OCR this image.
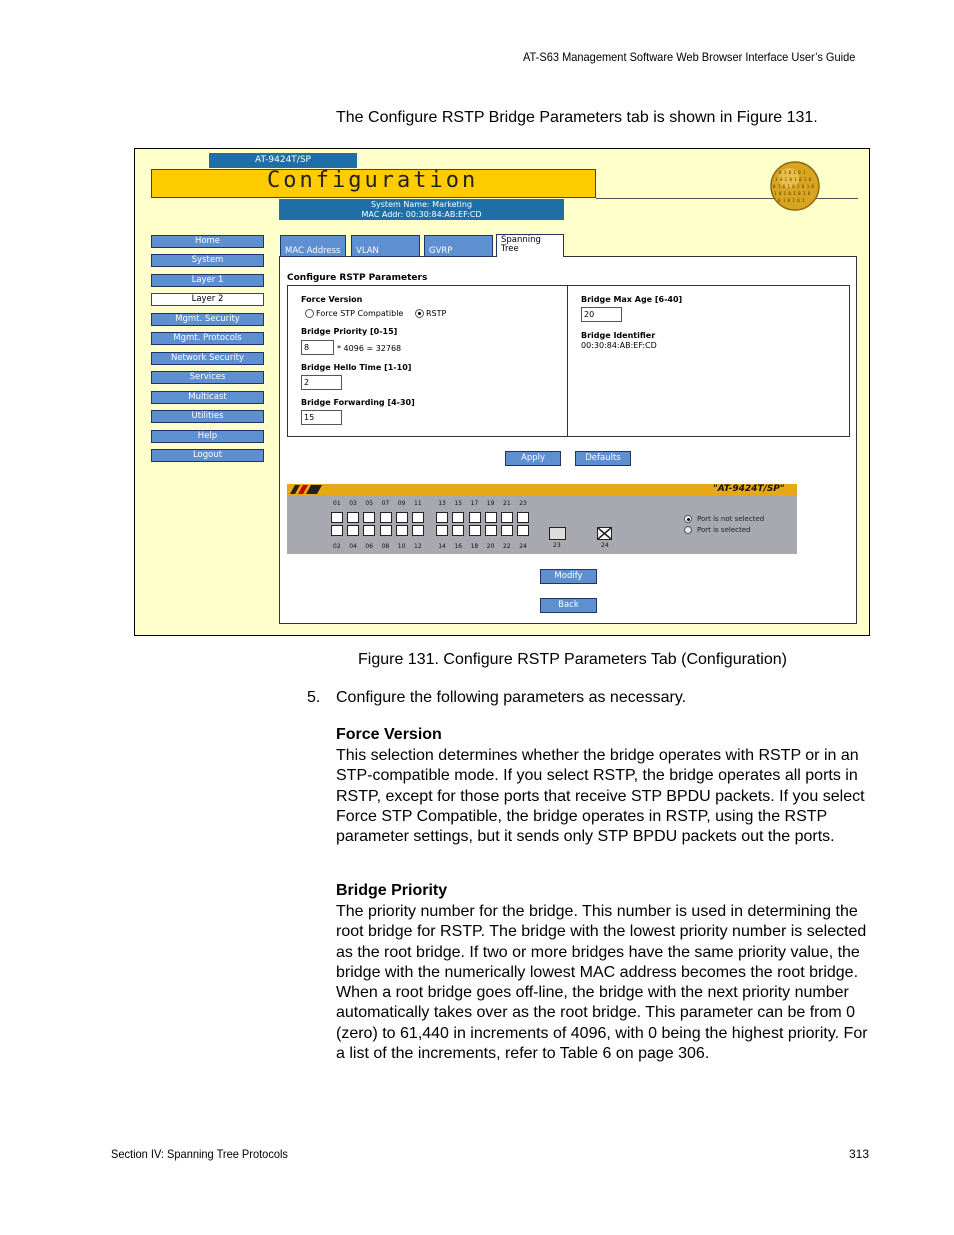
AT-S63 Management Software Web Browser Interface User’s Guide
The Configure RSTP Bridge Parameters tab is shown in Figure 131.
AT-9424T/SP
Configuration
System Name: Marketing
MAC Addr: 00:30:84:AB:EF:CD
0 1 0 1 0 1
1 0 1 0 1 0 1 0
0 1 0 1 0 1 0 1 0
1 0 1 0 1 0 1 0
0 1 0 1 0 1
Home
System
Layer 1
Layer 2
Mgmt. Security
Mgmt. Protocols
Network Security
Services
Multicast
Utilities
Help
Logout
MAC Address	VLAN	GVRP
Spanning
Tree
Configure RSTP Parameters
Force Version
Force STP Compatible	RSTP
Bridge Priority [0-15]
8	* 4096 = 32768
Bridge Hello Time [1-10]
2
Bridge Forwarding [4-30]
15
Bridge Max Age [6-40]
20
Bridge Identifier
00:30:84:AB:EF:CD
Apply	Defaults
"AT-9424T/SP"
01 03 05 07 09 11	13 15 17 19 21 23
02 04 06 08 10 12	14 16 18 20 22 24	23	24
Port is not selected
Port is selected
Modify
Back
Figure 131. Configure RSTP Parameters Tab (Configuration)
5. Configure the following parameters as necessary.
Force Version
This selection determines whether the bridge operates with RSTP or in an STP-compatible mode. If you select RSTP, the bridge operates all ports in RSTP, except for those ports that receive STP BPDU packets. If you select Force STP Compatible, the bridge operates in RSTP, using the RSTP parameter settings, but it sends only STP BPDU packets out the ports.
Bridge Priority
The priority number for the bridge. This number is used in determining the root bridge for RSTP. The bridge with the lowest priority number is selected as the root bridge. If two or more bridges have the same priority value, the bridge with the numerically lowest MAC address becomes the root bridge. When a root bridge goes off-line, the bridge with the next priority number automatically takes over as the root bridge. This parameter can be from 0 (zero) to 61,440 in increments of 4096, with 0 being the highest priority. For a list of the increments, refer to Table 6 on page 306.
Section IV: Spanning Tree Protocols	313
